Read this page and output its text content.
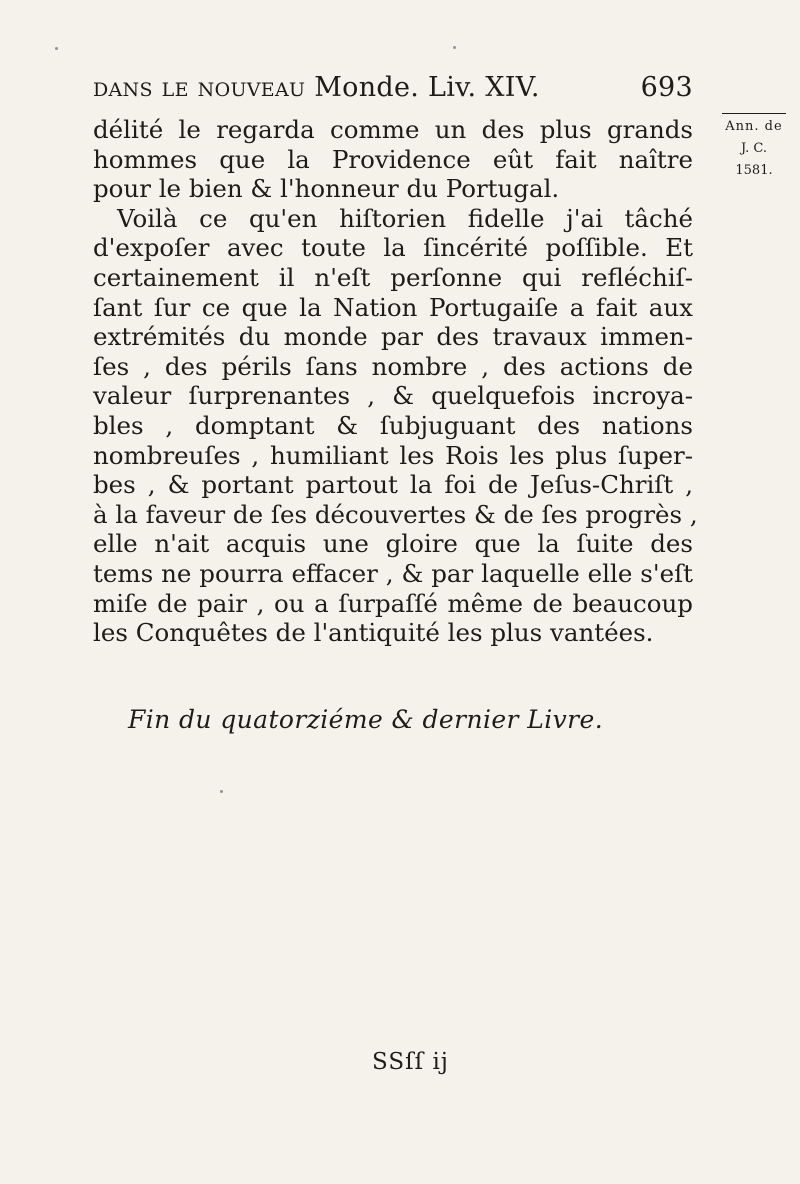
dans le nouveau Monde. Liv. XIV.	693
Ann. de
J. C.
1581.
délité le regarda comme un des plus grands
hommes que la Providence eût fait naître
pour le bien & l'honneur du Portugal.
Voilà ce qu'en hiſtorien fidelle j'ai tâché
d'expoſer avec toute la ſincérité poſſible. Et
certainement il n'eſt perſonne qui refléchiſ-
ſant ſur ce que la Nation Portugaiſe a fait aux
extrémités du monde par des travaux immen-
ſes , des périls ſans nombre , des actions de
valeur ſurprenantes , & quelquefois incroya-
bles , domptant & ſubjuguant des nations
nombreuſes , humiliant les Rois les plus ſuper-
bes , & portant partout la foi de Jeſus-Chriſt ,
à la faveur de ſes découvertes & de ſes progrès ,
elle n'ait acquis une gloire que la ſuite des
tems ne pourra effacer , & par laquelle elle s'eſt
miſe de pair , ou a ſurpaſſé même de beaucoup
les Conquêtes de l'antiquité les plus vantées.
Fin du quatorziéme & dernier Livre.
SSſſ ij
